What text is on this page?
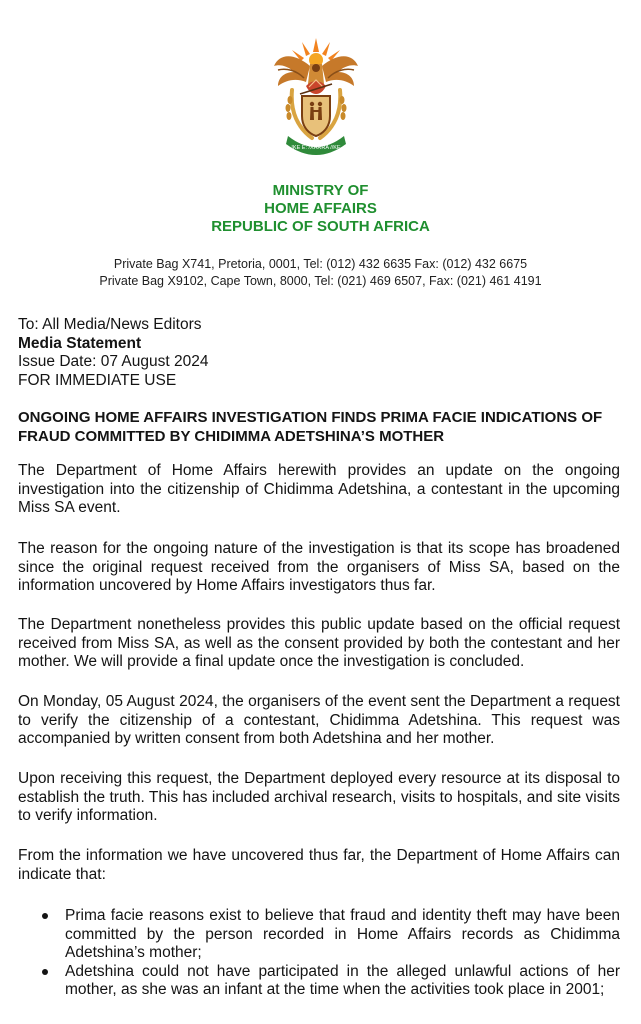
!KE E: /XARRA //KE
MINISTRY OF
HOME AFFAIRS
REPUBLIC OF SOUTH AFRICA
Private Bag X741, Pretoria, 0001, Tel: (012) 432 6635 Fax: (012) 432 6675
Private Bag X9102, Cape Town, 8000, Tel: (021) 469 6507, Fax: (021) 461 4191
To: All Media/News Editors
Media Statement
Issue Date: 07 August 2024
FOR IMMEDIATE USE
ONGOING HOME AFFAIRS INVESTIGATION FINDS PRIMA FACIE INDICATIONS OF FRAUD COMMITTED BY CHIDIMMA ADETSHINA’S MOTHER
The Department of Home Affairs herewith provides an update on the ongoing investigation into the citizenship of Chidimma Adetshina, a contestant in the upcoming Miss SA event.
The reason for the ongoing nature of the investigation is that its scope has broadened since the original request received from the organisers of Miss SA, based on the information uncovered by Home Affairs investigators thus far.
The Department nonetheless provides this public update based on the official request received from Miss SA, as well as the consent provided by both the contestant and her mother. We will provide a final update once the investigation is concluded.
On Monday, 05 August 2024, the organisers of the event sent the Department a request to verify the citizenship of a contestant, Chidimma Adetshina. This request was accompanied by written consent from both Adetshina and her mother.
Upon receiving this request, the Department deployed every resource at its disposal to establish the truth. This has included archival research, visits to hospitals, and site visits to verify information.
From the information we have uncovered thus far, the Department of Home Affairs can indicate that:
Prima facie reasons exist to believe that fraud and identity theft may have been committed by the person recorded in Home Affairs records as Chidimma Adetshina’s mother;
Adetshina could not have participated in the alleged unlawful actions of her mother, as she was an infant at the time when the activities took place in 2001;
